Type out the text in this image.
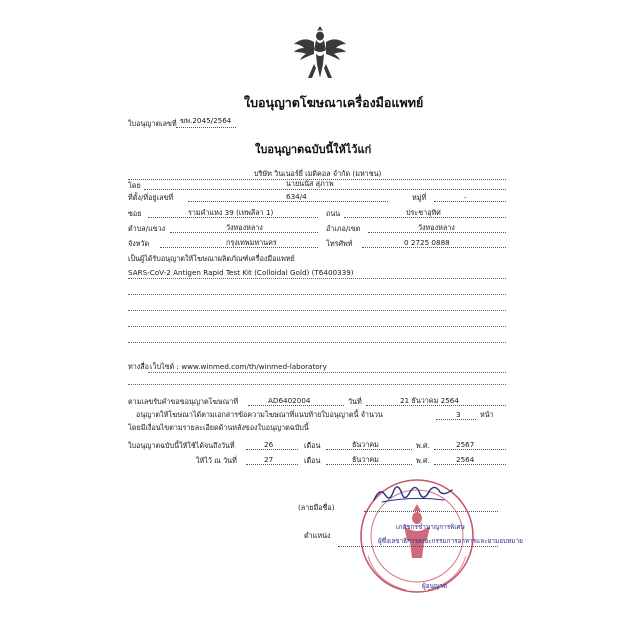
ใบอนุญาตโฆษณาเครื่องมือแพทย์
ใบอนุญาตเลขที่ ฆพ.2045/2564
ใบอนุญาตฉบับนี้ให้ไว้แก่
บริษัท วินเนอร์ยี่ เมดิคอล จำกัด (มหาชน)
โดย	นายนนัส สุภาพ
ที่ตั้ง/ที่อยู่เลขที่	634/4	หมู่ที่	-
ซอย	รามคำแหง 39 (เทพลีลา 1)	ถนน	ประชาอุทิศ
ตำบล/แขวง	วังทองหลาง	อำเภอ/เขต	วังทองหลาง
จังหวัด	กรุงเทพมหานคร	โทรศัพท์	0 2725 0888
เป็นผู้ได้รับอนุญาตให้โฆษณาผลิตภัณฑ์เครื่องมือแพทย์
SARS-CoV-2 Antigen Rapid Test Kit (Colloidal Gold) (T6400339)
ทางสื่อ เว็บไซต์ : www.winmed.com/th/winmed-laboratory
ตามเลขรับคำขอขอนุญาตโฆษณาที่	AD6402004	วันที่	21 ธันวาคม 2564
อนุญาตให้โฆษณาได้ตามเอกสารข้อความโฆษณาที่แนบท้ายใบอนุญาตนี้ จำนวน	3	หน้า
โดยมีเงื่อนไขตามรายละเอียดด้านหลังของใบอนุญาตฉบับนี้
ใบอนุญาตฉบับนี้ให้ใช้ได้จนถึงวันที่	26	เดือน	ธันวาคม	พ.ศ.	2567
ให้ไว้ ณ วันที่	27	เดือน	ธันวาคม	พ.ศ.	2564
(ลายมือชื่อ)
ตำแหน่ง
เภสัชกรชำนาญการพิเศษ
ผู้ซึ่งเลขาธิการคณะกรรมการอาหารและยามอบหมาย
ผู้อนุญาต
